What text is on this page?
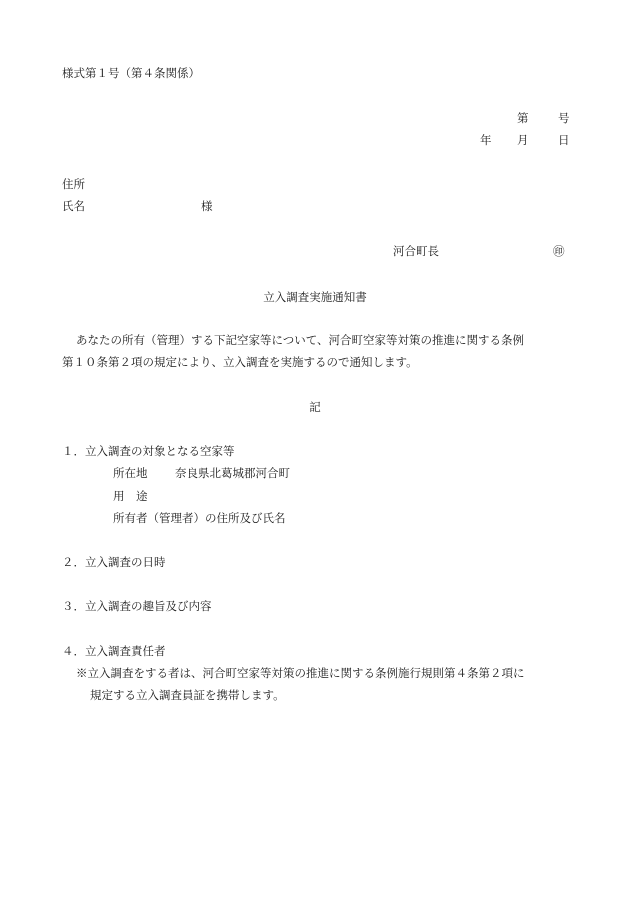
様式第１号（第４条関係）
第	号
年 月	日
住所
氏名	様
河合町長	㊞
立入調査実施通知書
あなたの所有（管理）する下記空家等について、河合町空家等対策の推進に関する条例
第１０条第２項の規定により、立入調査を実施するので通知します。
記
１．立入調査の対象となる空家等
所在地 奈良県北葛城郡河合町
用　途
所有者（管理者）の住所及び氏名
２．立入調査の日時
３．立入調査の趣旨及び内容
４．立入調査責任者
※立入調査をする者は、河合町空家等対策の推進に関する条例施行規則第４条第２項に
規定する立入調査員証を携帯します。
